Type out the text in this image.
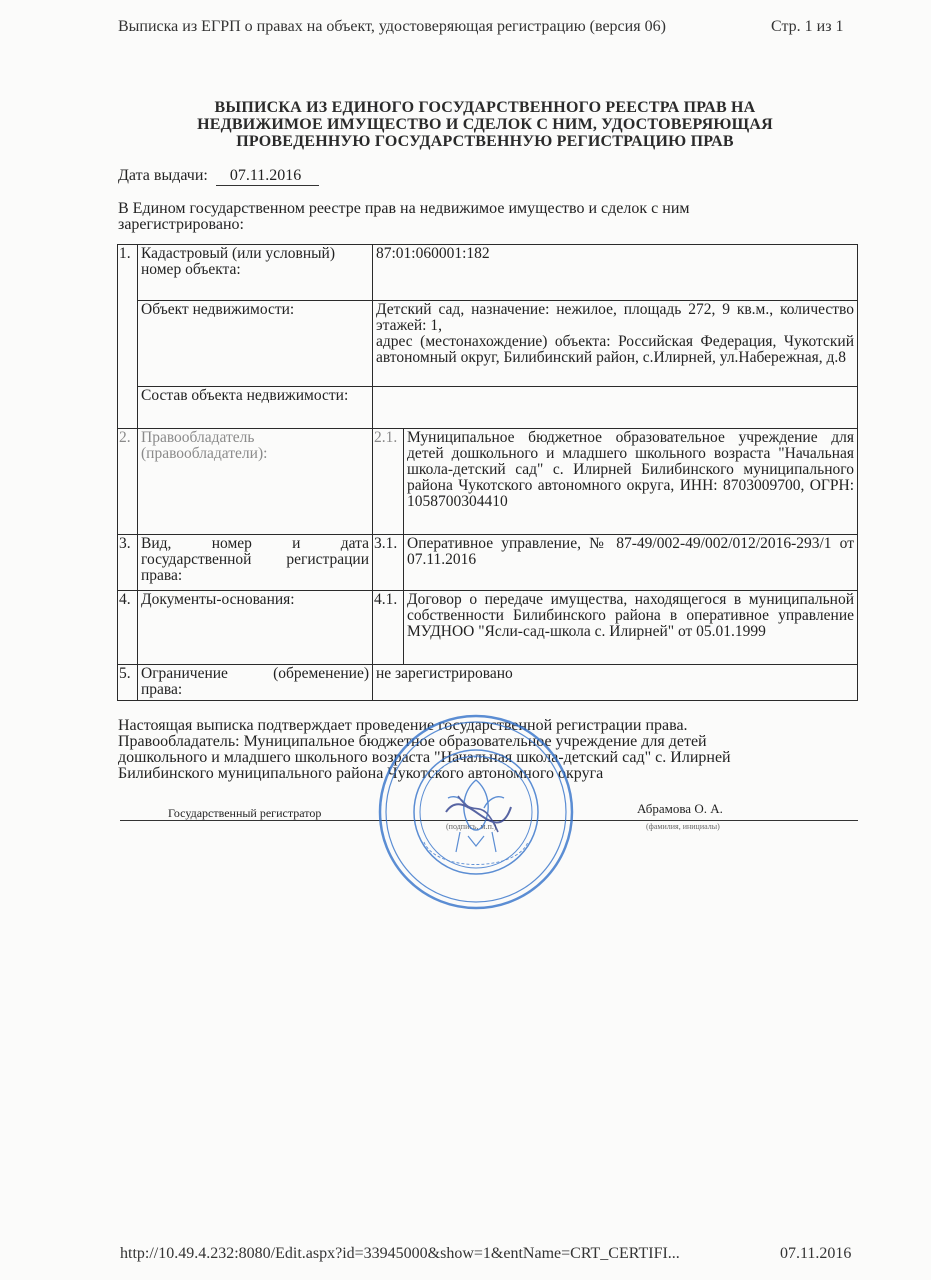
Выписка из ЕГРП о правах на объект, удостоверяющая регистрацию (версия 06)	Стр. 1 из 1
ВЫПИСКА ИЗ ЕДИНОГО ГОСУДАРСТВЕННОГО РЕЕСТРА ПРАВ НА
НЕДВИЖИМОЕ ИМУЩЕСТВО И СДЕЛОК С НИМ, УДОСТОВЕРЯЮЩАЯ
ПРОВЕДЕННУЮ ГОСУДАРСТВЕННУЮ РЕГИСТРАЦИЮ ПРАВ
Дата выдачи: 07.11.2016
В Едином государственном реестре прав на недвижимое имущество и сделок с ним
зарегистрировано:
1.	Кадастровый (или условный) номер объекта:	87:01:060001:182	
	Объект недвижимости:	Детский сад, назначение: нежилое, площадь 272, 9 кв.м., количество этажей: 1,
адрес (местонахождение) объекта: Российская Федерация, Чукотский автономный округ, Билибинский район, с.Илирней, ул.Набережная, д.8	

	Состав объекта недвижимости:		
2.	Правообладатель (правообладатели):	2.1.	Муниципальное бюджетное образовательное учреждение для детей дошкольного и младшего школьного возраста "Начальная школа-детский сад" с. Илирней Билибинского муниципального района Чукотского автономного округа, ИНН: 8703009700, ОГРН: 1058700304410
3.	Вид, номер и дата государственной регистрации права:	3.1.	Оперативное управление, № 87-49/002-49/002/012/2016-293/1 от 07.11.2016
4.	Документы-основания:	4.1.	Договор о передаче имущества, находящегося в муниципальной собственности Билибинского района в оперативное управление МУДНОО "Ясли-сад-школа с. Илирней" от 05.01.1999
5.	Ограничение (обременение) права:	не зарегистрировано	
Настоящая выписка подтверждает проведение государственной регистрации права.
Правообладатель: Муниципальное бюджетное образовательное учреждение для детей
дошкольного и младшего школьного возраста "Начальная школа-детский сад" с. Илирней
Билибинского муниципального района Чукотского автономного округа
Государственный регистратор
(подпись, м.п.)
Абрамова О. А.
(фамилия, инициалы)
http://10.49.4.232:8080/Edit.aspx?id=33945000&show=1&entName=CRT_CERTIFI...	07.11.2016
